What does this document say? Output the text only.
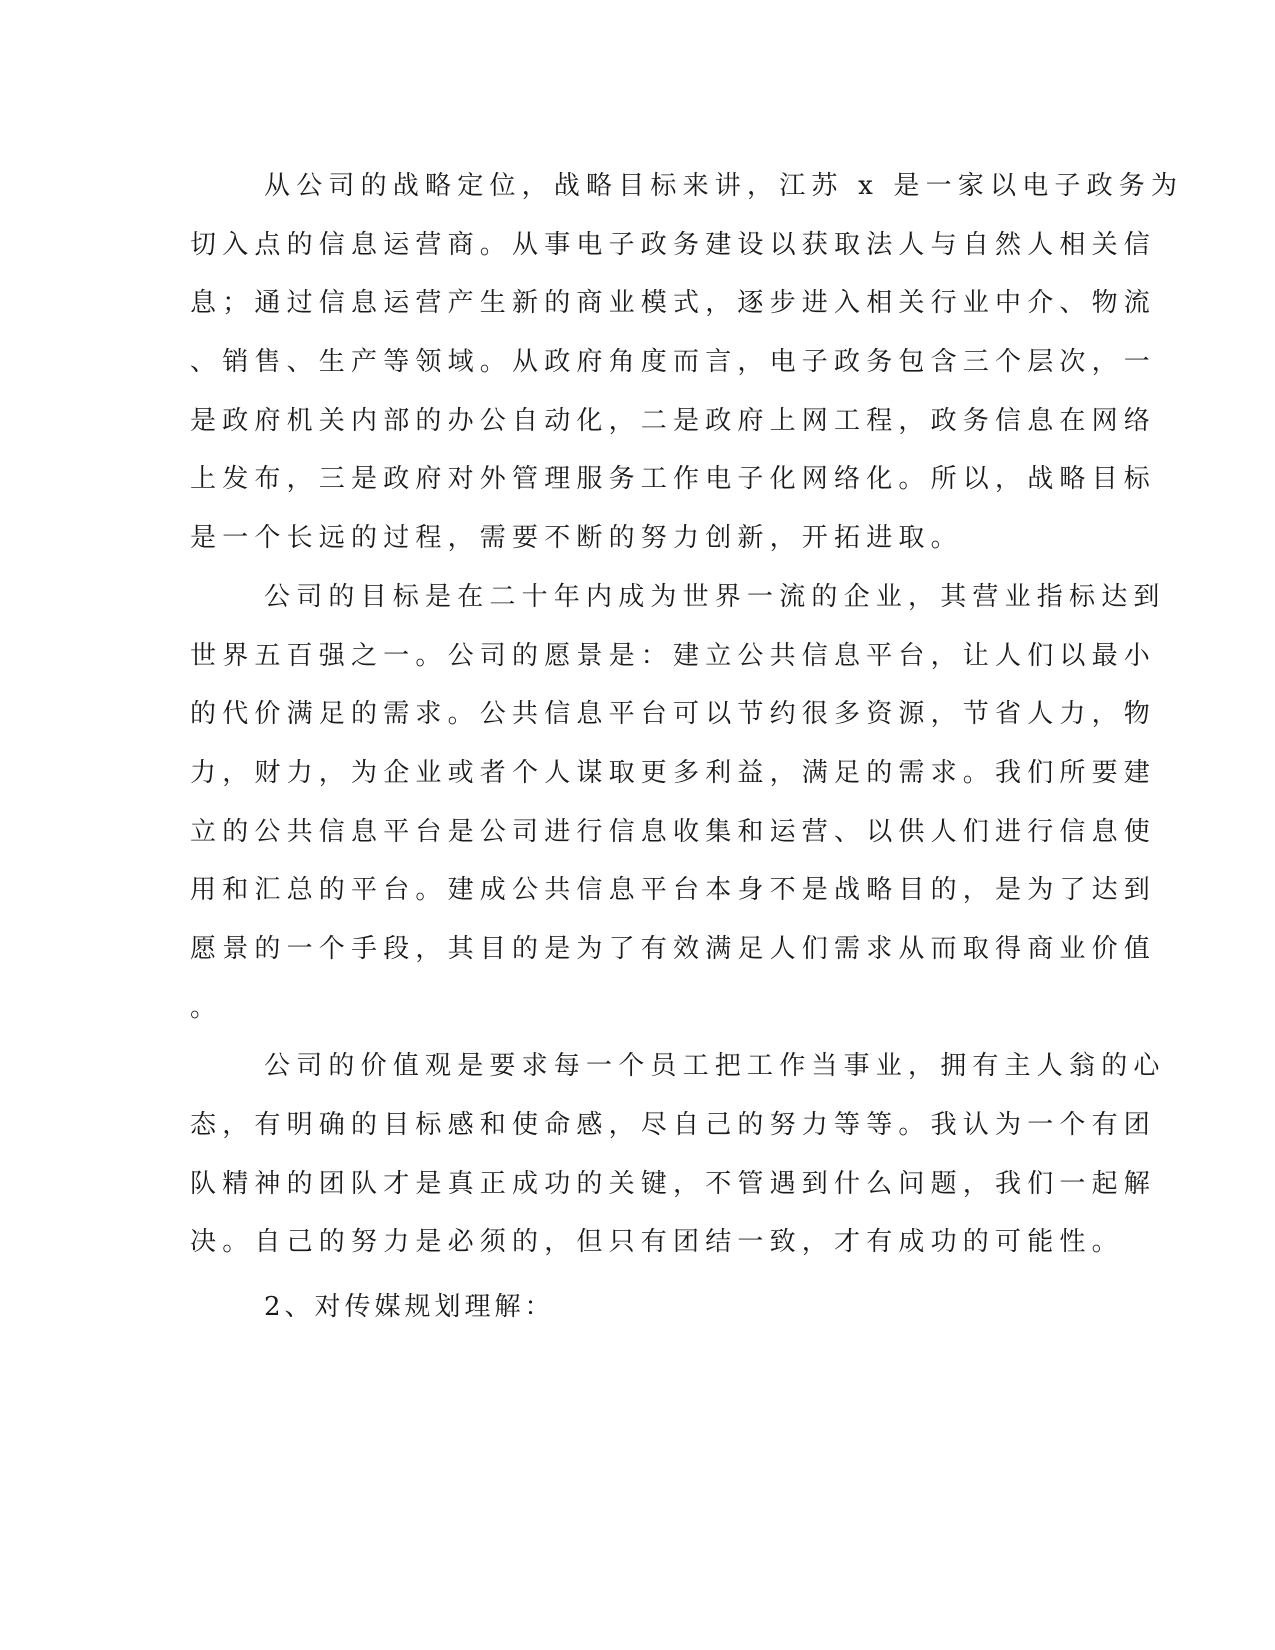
从公司的战略定位，战略目标来讲，江苏 x 是一家以电子政务为
切入点的信息运营商。从事电子政务建设以获取法人与自然人相关信
息；通过信息运营产生新的商业模式，逐步进入相关行业中介、物流
、销售、生产等领域。从政府角度而言，电子政务包含三个层次，一
是政府机关内部的办公自动化，二是政府上网工程，政务信息在网络
上发布，三是政府对外管理服务工作电子化网络化。所以，战略目标
是一个长远的过程，需要不断的努力创新，开拓进取。
公司的目标是在二十年内成为世界一流的企业，其营业指标达到
世界五百强之一。公司的愿景是：建立公共信息平台，让人们以最小
的代价满足的需求。公共信息平台可以节约很多资源，节省人力，物
力，财力，为企业或者个人谋取更多利益，满足的需求。我们所要建
立的公共信息平台是公司进行信息收集和运营、以供人们进行信息使
用和汇总的平台。建成公共信息平台本身不是战略目的，是为了达到
愿景的一个手段，其目的是为了有效满足人们需求从而取得商业价值
。
公司的价值观是要求每一个员工把工作当事业，拥有主人翁的心
态，有明确的目标感和使命感，尽自己的努力等等。我认为一个有团
队精神的团队才是真正成功的关键，不管遇到什么问题，我们一起解
决。自己的努力是必须的，但只有团结一致，才有成功的可能性。
2、对传媒规划理解：
